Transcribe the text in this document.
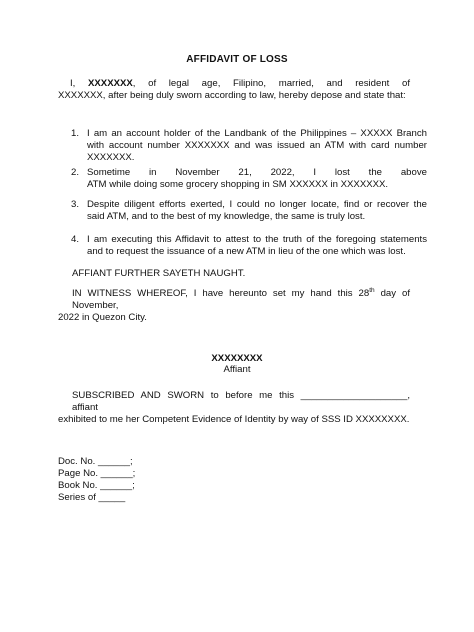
AFFIDAVIT OF LOSS
I, XXXXXXX, of legal age, Filipino, married, and resident of
XXXXXXX, after being duly sworn according to law, hereby depose and state that:
1. I am an account holder of the Landbank of the Philippines – XXXXX Branch
with account number XXXXXXX and was issued an ATM with card number
XXXXXXX.
2. Sometime in November 21, 2022, I lost the above
ATM while doing some grocery shopping in SM XXXXXX in XXXXXXX.
3. Despite diligent efforts exerted, I could no longer locate, find or recover the
said ATM, and to the best of my knowledge, the same is truly lost.
4. I am executing this Affidavit to attest to the truth of the foregoing statements
and to request the issuance of a new ATM in lieu of the one which was lost.
AFFIANT FURTHER SAYETH NAUGHT.
IN WITNESS WHEREOF, I have hereunto set my hand this 28th day of
November,
2022 in Quezon City.
XXXXXXXX
Affiant
SUBSCRIBED AND SWORN to before me this ____________________, affiant
exhibited to me her Competent Evidence of Identity by way of SSS ID XXXXXXXX.
Doc. No. ______;
Page No. ______;
Book No. ______;
Series of _____
